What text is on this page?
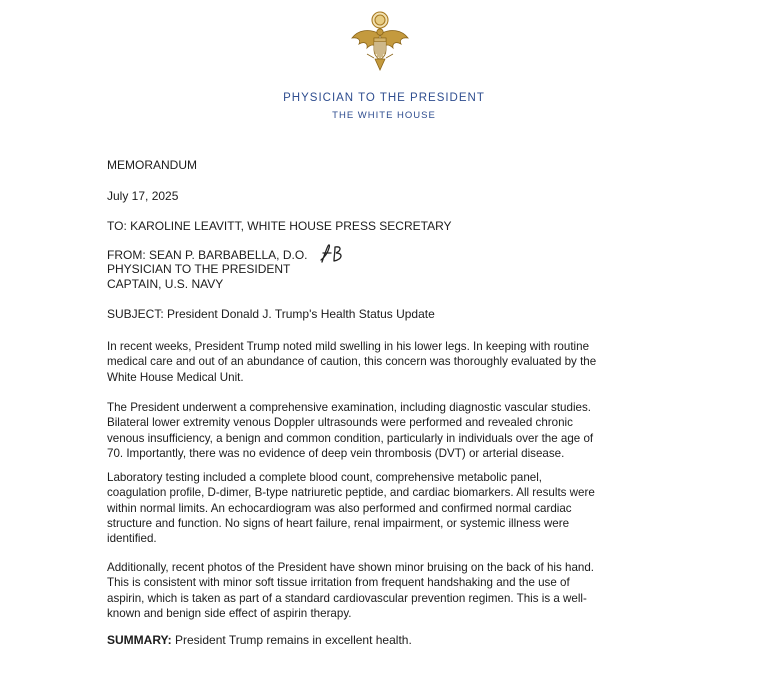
PHYSICIAN TO THE PRESIDENT
THE WHITE HOUSE
MEMORANDUM
July 17, 2025
TO: KAROLINE LEAVITT, WHITE HOUSE PRESS SECRETARY
FROM: SEAN P. BARBABELLA, D.O.
PHYSICIAN TO THE PRESIDENT
CAPTAIN, U.S. NAVY
SUBJECT: President Donald J. Trump's Health Status Update
In recent weeks, President Trump noted mild swelling in his lower legs. In keeping with routine
medical care and out of an abundance of caution, this concern was thoroughly evaluated by the
White House Medical Unit.
The President underwent a comprehensive examination, including diagnostic vascular studies.
Bilateral lower extremity venous Doppler ultrasounds were performed and revealed chronic
venous insufficiency, a benign and common condition, particularly in individuals over the age of
70. Importantly, there was no evidence of deep vein thrombosis (DVT) or arterial disease.
Laboratory testing included a complete blood count, comprehensive metabolic panel,
coagulation profile, D-dimer, B-type natriuretic peptide, and cardiac biomarkers. All results were
within normal limits. An echocardiogram was also performed and confirmed normal cardiac
structure and function. No signs of heart failure, renal impairment, or systemic illness were
identified.
Additionally, recent photos of the President have shown minor bruising on the back of his hand.
This is consistent with minor soft tissue irritation from frequent handshaking and the use of
aspirin, which is taken as part of a standard cardiovascular prevention regimen. This is a well-
known and benign side effect of aspirin therapy.
SUMMARY: President Trump remains in excellent health.
